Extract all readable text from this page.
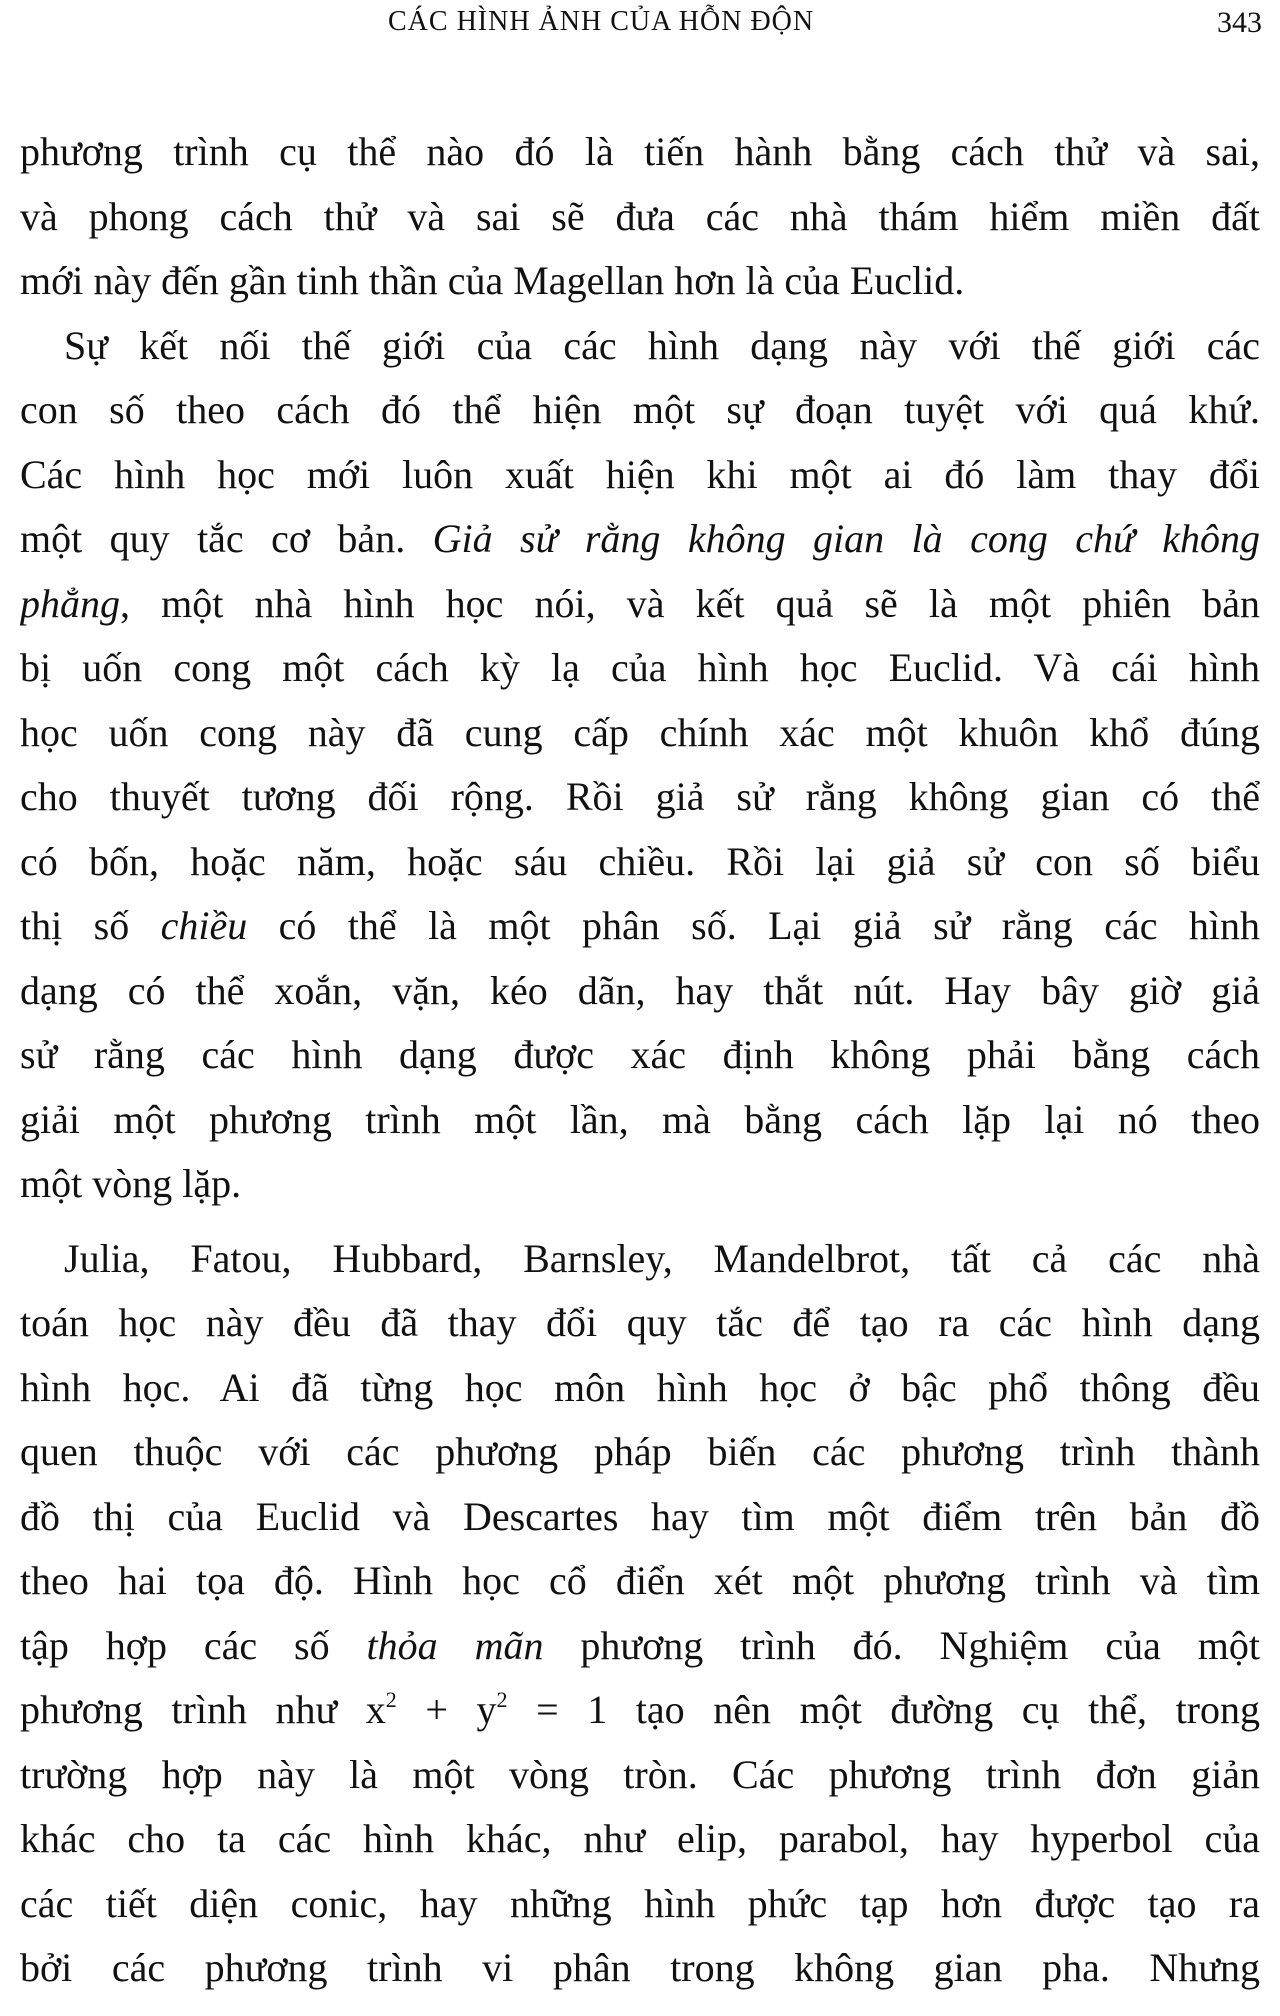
CÁC HÌNH ẢNH CỦA HỖN ĐỘN	343
phương trình cụ thể nào đó là tiến hành bằng cách thử và sai,
và phong cách thử và sai sẽ đưa các nhà thám hiểm miền đất
mới này đến gần tinh thần của Magellan hơn là của Euclid.
Sự kết nối thế giới của các hình dạng này với thế giới các
con số theo cách đó thể hiện một sự đoạn tuyệt với quá khứ.
Các hình học mới luôn xuất hiện khi một ai đó làm thay đổi
một quy tắc cơ bản. Giả sử rằng không gian là cong chứ không
phẳng, một nhà hình học nói, và kết quả sẽ là một phiên bản
bị uốn cong một cách kỳ lạ của hình học Euclid. Và cái hình
học uốn cong này đã cung cấp chính xác một khuôn khổ đúng
cho thuyết tương đối rộng. Rồi giả sử rằng không gian có thể
có bốn, hoặc năm, hoặc sáu chiều. Rồi lại giả sử con số biểu
thị số chiều có thể là một phân số. Lại giả sử rằng các hình
dạng có thể xoắn, vặn, kéo dãn, hay thắt nút. Hay bây giờ giả
sử rằng các hình dạng được xác định không phải bằng cách
giải một phương trình một lần, mà bằng cách lặp lại nó theo
một vòng lặp.
Julia, Fatou, Hubbard, Barnsley, Mandelbrot, tất cả các nhà
toán học này đều đã thay đổi quy tắc để tạo ra các hình dạng
hình học. Ai đã từng học môn hình học ở bậc phổ thông đều
quen thuộc với các phương pháp biến các phương trình thành
đồ thị của Euclid và Descartes hay tìm một điểm trên bản đồ
theo hai tọa độ. Hình học cổ điển xét một phương trình và tìm
tập hợp các số thỏa mãn phương trình đó. Nghiệm của một
phương trình như $x^2 + y^2 = 1$ tạo nên một đường cụ thể, trong
trường hợp này là một vòng tròn. Các phương trình đơn giản
khác cho ta các hình khác, như elip, parabol, hay hyperbol của
các tiết diện conic, hay những hình phức tạp hơn được tạo ra
bởi các phương trình vi phân trong không gian pha. Nhưng
